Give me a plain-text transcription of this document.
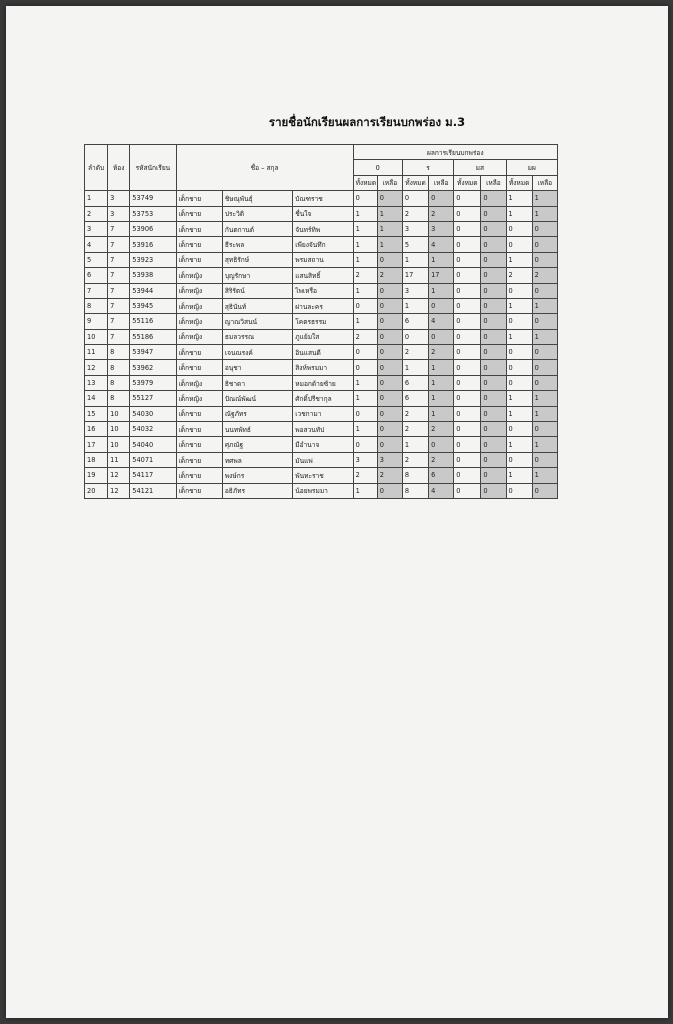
รายชื่อนักเรียนผลการเรียนบกพร่อง ม.3
ลำดับ	ห้อง	รหัสนักเรียน	ชื่อ – สกุล			ผลการเรียนบกพร่อง							
						0		ร		มส		มผ	
						ทั้งหมด	เหลือ	ทั้งหมด	เหลือ	ทั้งหมด	เหลือ	ทั้งหมด	เหลือ
1	3	53749	เด็กชาย	ชิษณุพันธุ์	บัณฑราช	0	0	0	0	0	0	1	1
2	3	53753	เด็กชาย	ประวิติ	ชื่นใจ	1	1	2	2	0	0	1	1
3	7	53906	เด็กชาย	กันตกานต์	จันทร์ทิพ	1	1	3	3	0	0	0	0
4	7	53916	เด็กชาย	ธีระพล	เพียงจันทึก	1	1	5	4	0	0	0	0
5	7	53923	เด็กชาย	สุทธิรักษ์	พรมสถาน	1	0	1	1	0	0	1	0
6	7	53938	เด็กหญิง	บุญรักษา	แสนสิทธิ์	2	2	17	17	0	0	2	2
7	7	53944	เด็กหญิง	สิริรัตน์	ไพเหรือ	1	0	3	1	0	0	0	0
8	7	53945	เด็กหญิง	สุธินันท์	ผ่านละคร	0	0	1	0	0	0	1	1
9	7	55116	เด็กหญิง	ญาณวิสนน์	โคตรธรรม	1	0	6	4	0	0	0	0
10	7	55186	เด็กหญิง	ธมลวรรณ	ภูแย้มใส	2	0	0	0	0	0	1	1
11	8	53947	เด็กชาย	เจนณรงค์	อินแสนดี	0	0	2	2	0	0	0	0
12	8	53962	เด็กชาย	อนุชา	สิงห์พรมมา	0	0	1	1	0	0	0	0
13	8	53979	เด็กหญิง	ธิชาดา	หมอกด้ายซ้าย	1	0	6	1	0	0	0	0
14	8	55127	เด็กหญิง	ปัณณ์พัฒน์	ศักดิ์ปรีชากุล	1	0	6	1	0	0	1	1
15	10	54030	เด็กชาย	ณัฐภัทร	เวชกามา	0	0	2	1	0	0	1	1
16	10	54032	เด็กชาย	นนทพัทธ์	พอสวนทัป	1	0	2	2	0	0	0	0
17	10	54040	เด็กชาย	ศุภณัฐ	มีอำนาจ	0	0	1	0	0	0	1	1
18	11	54071	เด็กชาย	ทศพล	มันแพ่	3	3	2	2	0	0	0	0
19	12	54117	เด็กชาย	พงษ์กร	พันทะราช	2	2	8	6	0	0	1	1
20	12	54121	เด็กชาย	อธิภัทร	น้อยพรมมา	1	0	8	4	0	0	0	0
